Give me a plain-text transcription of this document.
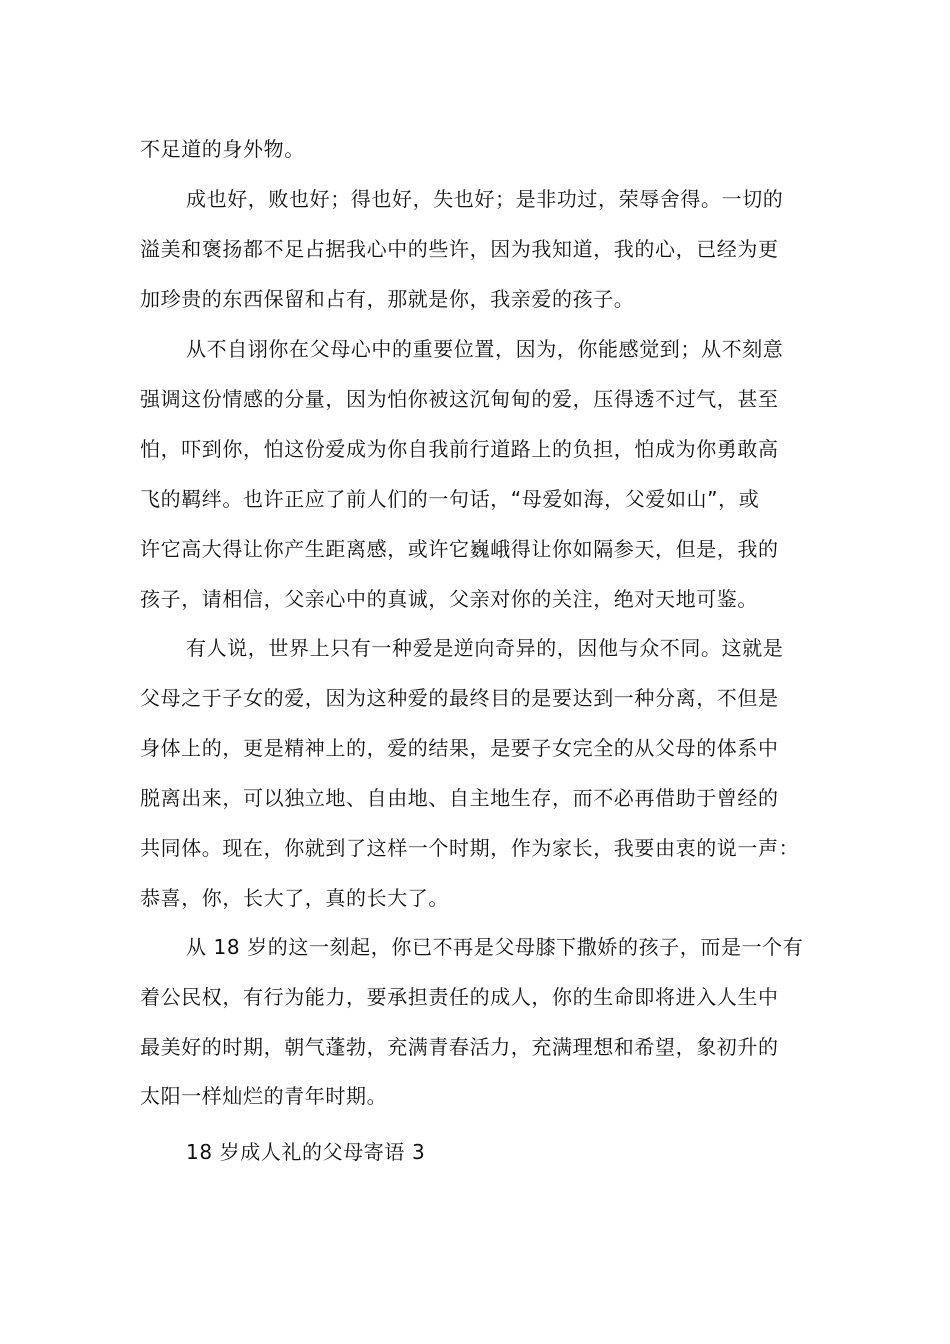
不足道的身外物。
成也好，败也好；得也好，失也好；是非功过，荣辱舍得。一切的
溢美和褒扬都不足占据我心中的些许，因为我知道，我的心，已经为更
加珍贵的东西保留和占有，那就是你，我亲爱的孩子。
从不自诩你在父母心中的重要位置，因为，你能感觉到；从不刻意
强调这份情感的分量，因为怕你被这沉甸甸的爱，压得透不过气，甚至
怕，吓到你，怕这份爱成为你自我前行道路上的负担，怕成为你勇敢高
飞的羁绊。也许正应了前人们的一句话，“母爱如海，父爱如山”，或
许它高大得让你产生距离感，或许它巍峨得让你如隔参天，但是，我的
孩子，请相信，父亲心中的真诚，父亲对你的关注，绝对天地可鉴。
有人说，世界上只有一种爱是逆向奇异的，因他与众不同。这就是
父母之于子女的爱，因为这种爱的最终目的是要达到一种分离，不但是
身体上的，更是精神上的，爱的结果，是要子女完全的从父母的体系中
脱离出来，可以独立地、自由地、自主地生存，而不必再借助于曾经的
共同体。现在，你就到了这样一个时期，作为家长，我要由衷的说一声：
恭喜，你，长大了，真的长大了。
从 18 岁的这一刻起，你已不再是父母膝下撒娇的孩子，而是一个有
着公民权，有行为能力，要承担责任的成人，你的生命即将进入人生中
最美好的时期，朝气蓬勃，充满青春活力，充满理想和希望，象初升的
太阳一样灿烂的青年时期。
18 岁成人礼的父母寄语 3
